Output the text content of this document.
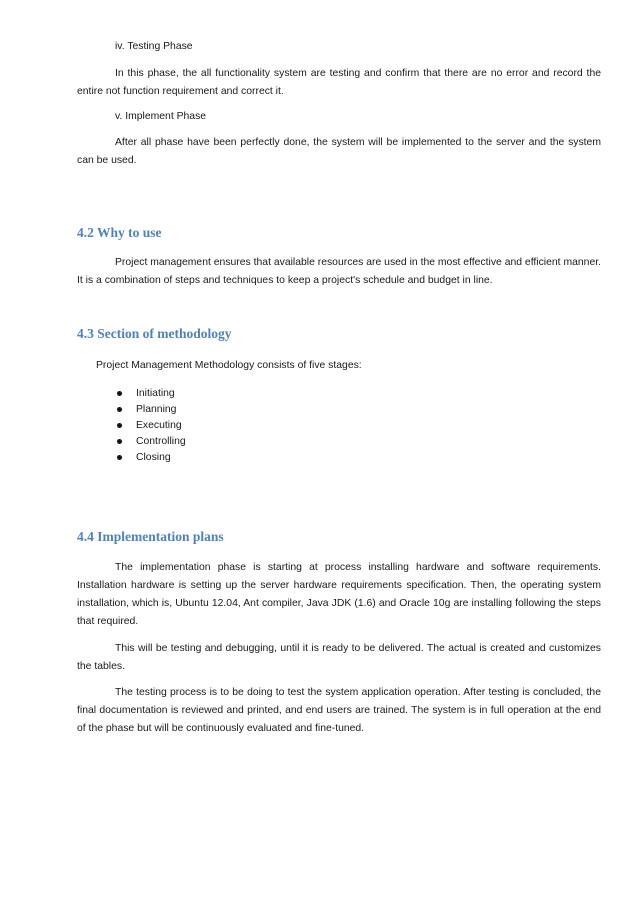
iv. Testing Phase

In this phase, the all functionality system are testing and confirm that there are no error and record the entire not function requirement and correct it.

v. Implement Phase

After all phase have been perfectly done, the system will be implemented to the server and the system can be used.

4.2 Why to use

Project management ensures that available resources are used in the most effective and efficient manner. It is a combination of steps and techniques to keep a project's schedule and budget in line.

4.3 Section of methodology

Project Management Methodology consists of five stages:

Initiating
Planning
Executing
Controlling
Closing
4.4 Implementation plans

The implementation phase is starting at process installing hardware and software requirements. Installation hardware is setting up the server hardware requirements specification. Then, the operating system installation, which is, Ubuntu 12.04, Ant compiler, Java JDK (1.6) and Oracle 10g are installing following the steps that required.

This will be testing and debugging, until it is ready to be delivered. The actual is created and customizes the tables.

The testing process is to be doing to test the system application operation. After testing is concluded, the final documentation is reviewed and printed, and end users are trained. The system is in full operation at the end of the phase but will be continuously evaluated and fine-tuned.
